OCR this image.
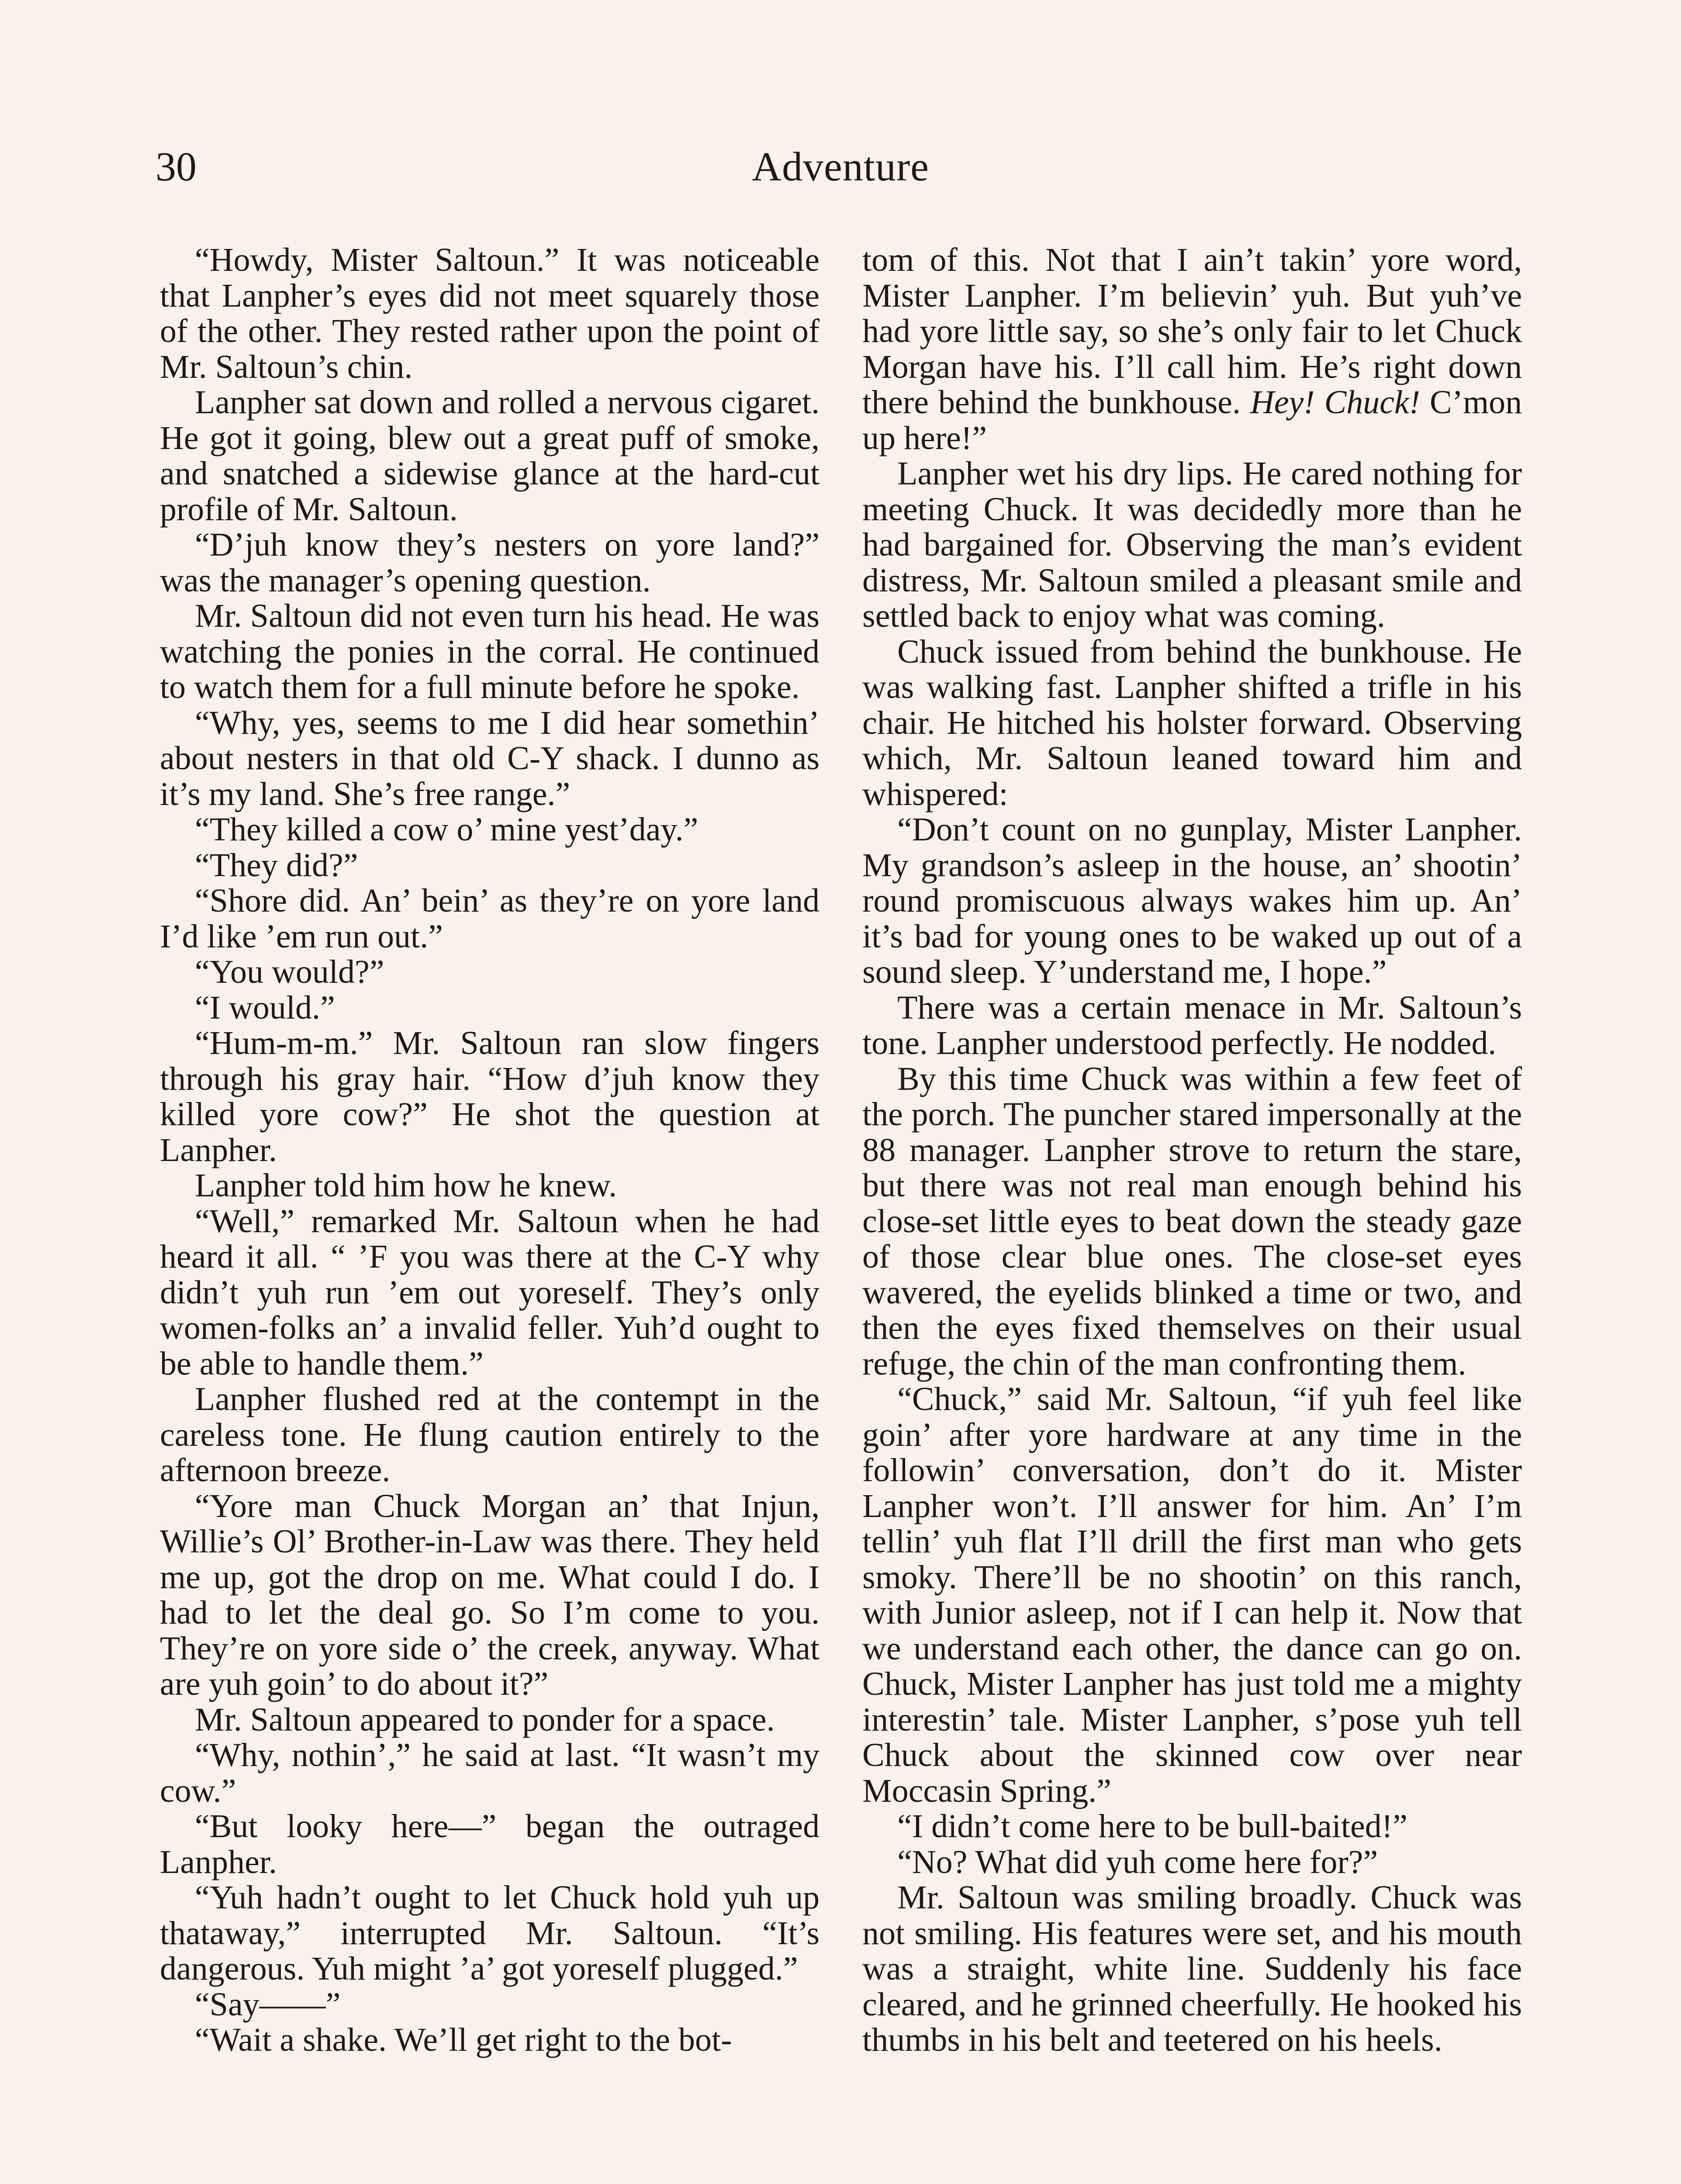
30	Adventure

“Howdy, Mister Saltoun.” It was noticeable that Lanpher’s eyes did not meet squarely those of the other. They rested rather upon the point of Mr. Saltoun’s chin.

Lanpher sat down and rolled a nervous cigaret. He got it going, blew out a great puff of smoke, and snatched a sidewise glance at the hard-cut profile of Mr. Saltoun.

“D’juh know they’s nesters on yore land?” was the manager’s opening question.

Mr. Saltoun did not even turn his head. He was watching the ponies in the corral. He continued to watch them for a full minute before he spoke.

“Why, yes, seems to me I did hear somethin’ about nesters in that old C-Y shack. I dunno as it’s my land. She’s free range.”

“They killed a cow o’ mine yest’day.”

“They did?”

“Shore did. An’ bein’ as they’re on yore land I’d like ’em run out.”

“You would?”

“I would.”

“Hum-m-m.” Mr. Saltoun ran slow fingers through his gray hair. “How d’juh know they killed yore cow?” He shot the question at Lanpher.

Lanpher told him how he knew.

“Well,” remarked Mr. Saltoun when he had heard it all. “ ’F you was there at the C-Y why didn’t yuh run ’em out yoreself. They’s only women-folks an’ a invalid feller. Yuh’d ought to be able to handle them.”

Lanpher flushed red at the contempt in the careless tone. He flung caution entirely to the afternoon breeze.

“Yore man Chuck Morgan an’ that Injun, Willie’s Ol’ Brother-in-Law was there. They held me up, got the drop on me. What could I do. I had to let the deal go. So I’m come to you. They’re on yore side o’ the creek, anyway. What are yuh goin’ to do about it?”

Mr. Saltoun appeared to ponder for a space.

“Why, nothin’,” he said at last. “It wasn’t my cow.”

“But looky here—” began the outraged Lanpher.

“Yuh hadn’t ought to let Chuck hold yuh up thataway,” interrupted Mr. Saltoun. “It’s dangerous. Yuh might ’a’ got yoreself plugged.”

“Say——”

“Wait a shake. We’ll get right to the bot-

tom of this. Not that I ain’t takin’ yore word, Mister Lanpher. I’m believin’ yuh. But yuh’ve had yore little say, so she’s only fair to let Chuck Morgan have his. I’ll call him. He’s right down there behind the bunkhouse. Hey! Chuck! C’mon up here!”

Lanpher wet his dry lips. He cared nothing for meeting Chuck. It was decidedly more than he had bargained for. Observing the man’s evident distress, Mr. Saltoun smiled a pleasant smile and settled back to enjoy what was coming.

Chuck issued from behind the bunkhouse. He was walking fast. Lanpher shifted a trifle in his chair. He hitched his holster forward. Observing which, Mr. Saltoun leaned toward him and whispered:

“Don’t count on no gunplay, Mister Lanpher. My grandson’s asleep in the house, an’ shootin’ round promiscuous always wakes him up. An’ it’s bad for young ones to be waked up out of a sound sleep. Y’understand me, I hope.”

There was a certain menace in Mr. Saltoun’s tone. Lanpher understood perfectly. He nodded.

By this time Chuck was within a few feet of the porch. The puncher stared impersonally at the 88 manager. Lanpher strove to return the stare, but there was not real man enough behind his close-set little eyes to beat down the steady gaze of those clear blue ones. The close-set eyes wavered, the eyelids blinked a time or two, and then the eyes fixed themselves on their usual refuge, the chin of the man confronting them.

“Chuck,” said Mr. Saltoun, “if yuh feel like goin’ after yore hardware at any time in the followin’ conversation, don’t do it. Mister Lanpher won’t. I’ll answer for him. An’ I’m tellin’ yuh flat I’ll drill the first man who gets smoky. There’ll be no shootin’ on this ranch, with Junior asleep, not if I can help it. Now that we understand each other, the dance can go on. Chuck, Mister Lanpher has just told me a mighty interestin’ tale. Mister Lanpher, s’pose yuh tell Chuck about the skinned cow over near Moccasin Spring.”

“I didn’t come here to be bull-baited!”

“No? What did yuh come here for?”

Mr. Saltoun was smiling broadly. Chuck was not smiling. His features were set, and his mouth was a straight, white line. Suddenly his face cleared, and he grinned cheerfully. He hooked his thumbs in his belt and teetered on his heels.
